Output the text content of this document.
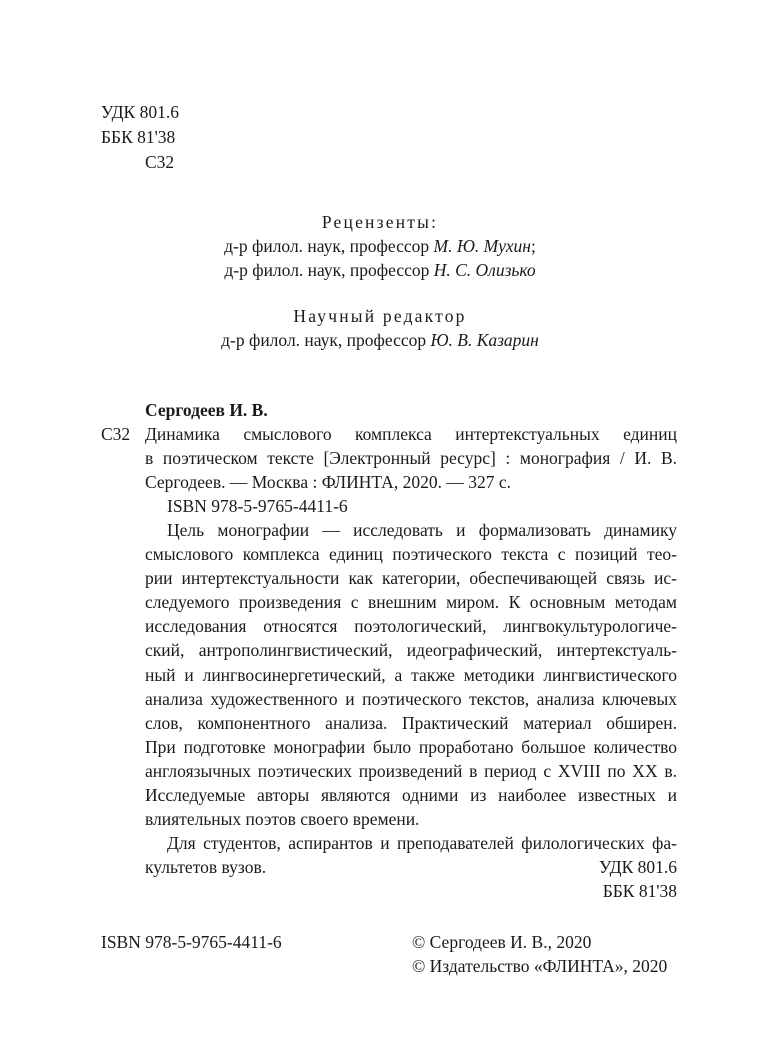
УДК 801.6
ББК 81'38
С32
Рецензенты:
д-р филол. наук, профессор М. Ю. Мухин;
д-р филол. наук, профессор Н. С. Олизько
Научный редактор
д-р филол. наук, профессор Ю. В. Казарин
Сергодеев И. В.
С32 Динамика смыслового комплекса интертекстуальных единиц
в поэтическом тексте [Электронный ресурс] : монография / И. В.
Сергодеев. — Москва : ФЛИНТА, 2020. — 327 с.
ISBN 978-5-9765-4411-6
Цель монографии — исследовать и формализовать динамику
смыслового комплекса единиц поэтического текста с позиций тео-
рии интертекстуальности как категории, обеспечивающей связь ис-
следуемого произведения с внешним миром. К основным методам
исследования относятся поэтологический, лингвокультурологиче-
ский, антрополингвистический, идеографический, интертекстуаль-
ный и лингвосинергетический, а также методики лингвистического
анализа художественного и поэтического текстов, анализа ключевых
слов, компонентного анализа. Практический материал обширен.
При подготовке монографии было проработано большое количество
англоязычных поэтических произведений в период с XVIII по XX в.
Исследуемые авторы являются одними из наиболее известных и
влиятельных поэтов своего времени.
Для студентов, аспирантов и преподавателей филологических фа-
культетов вузов.	УДК 801.6
ББК 81'38
ISBN 978-5-9765-4411-6	© Сергодеев И. В., 2020
© Издательство «ФЛИНТА», 2020
